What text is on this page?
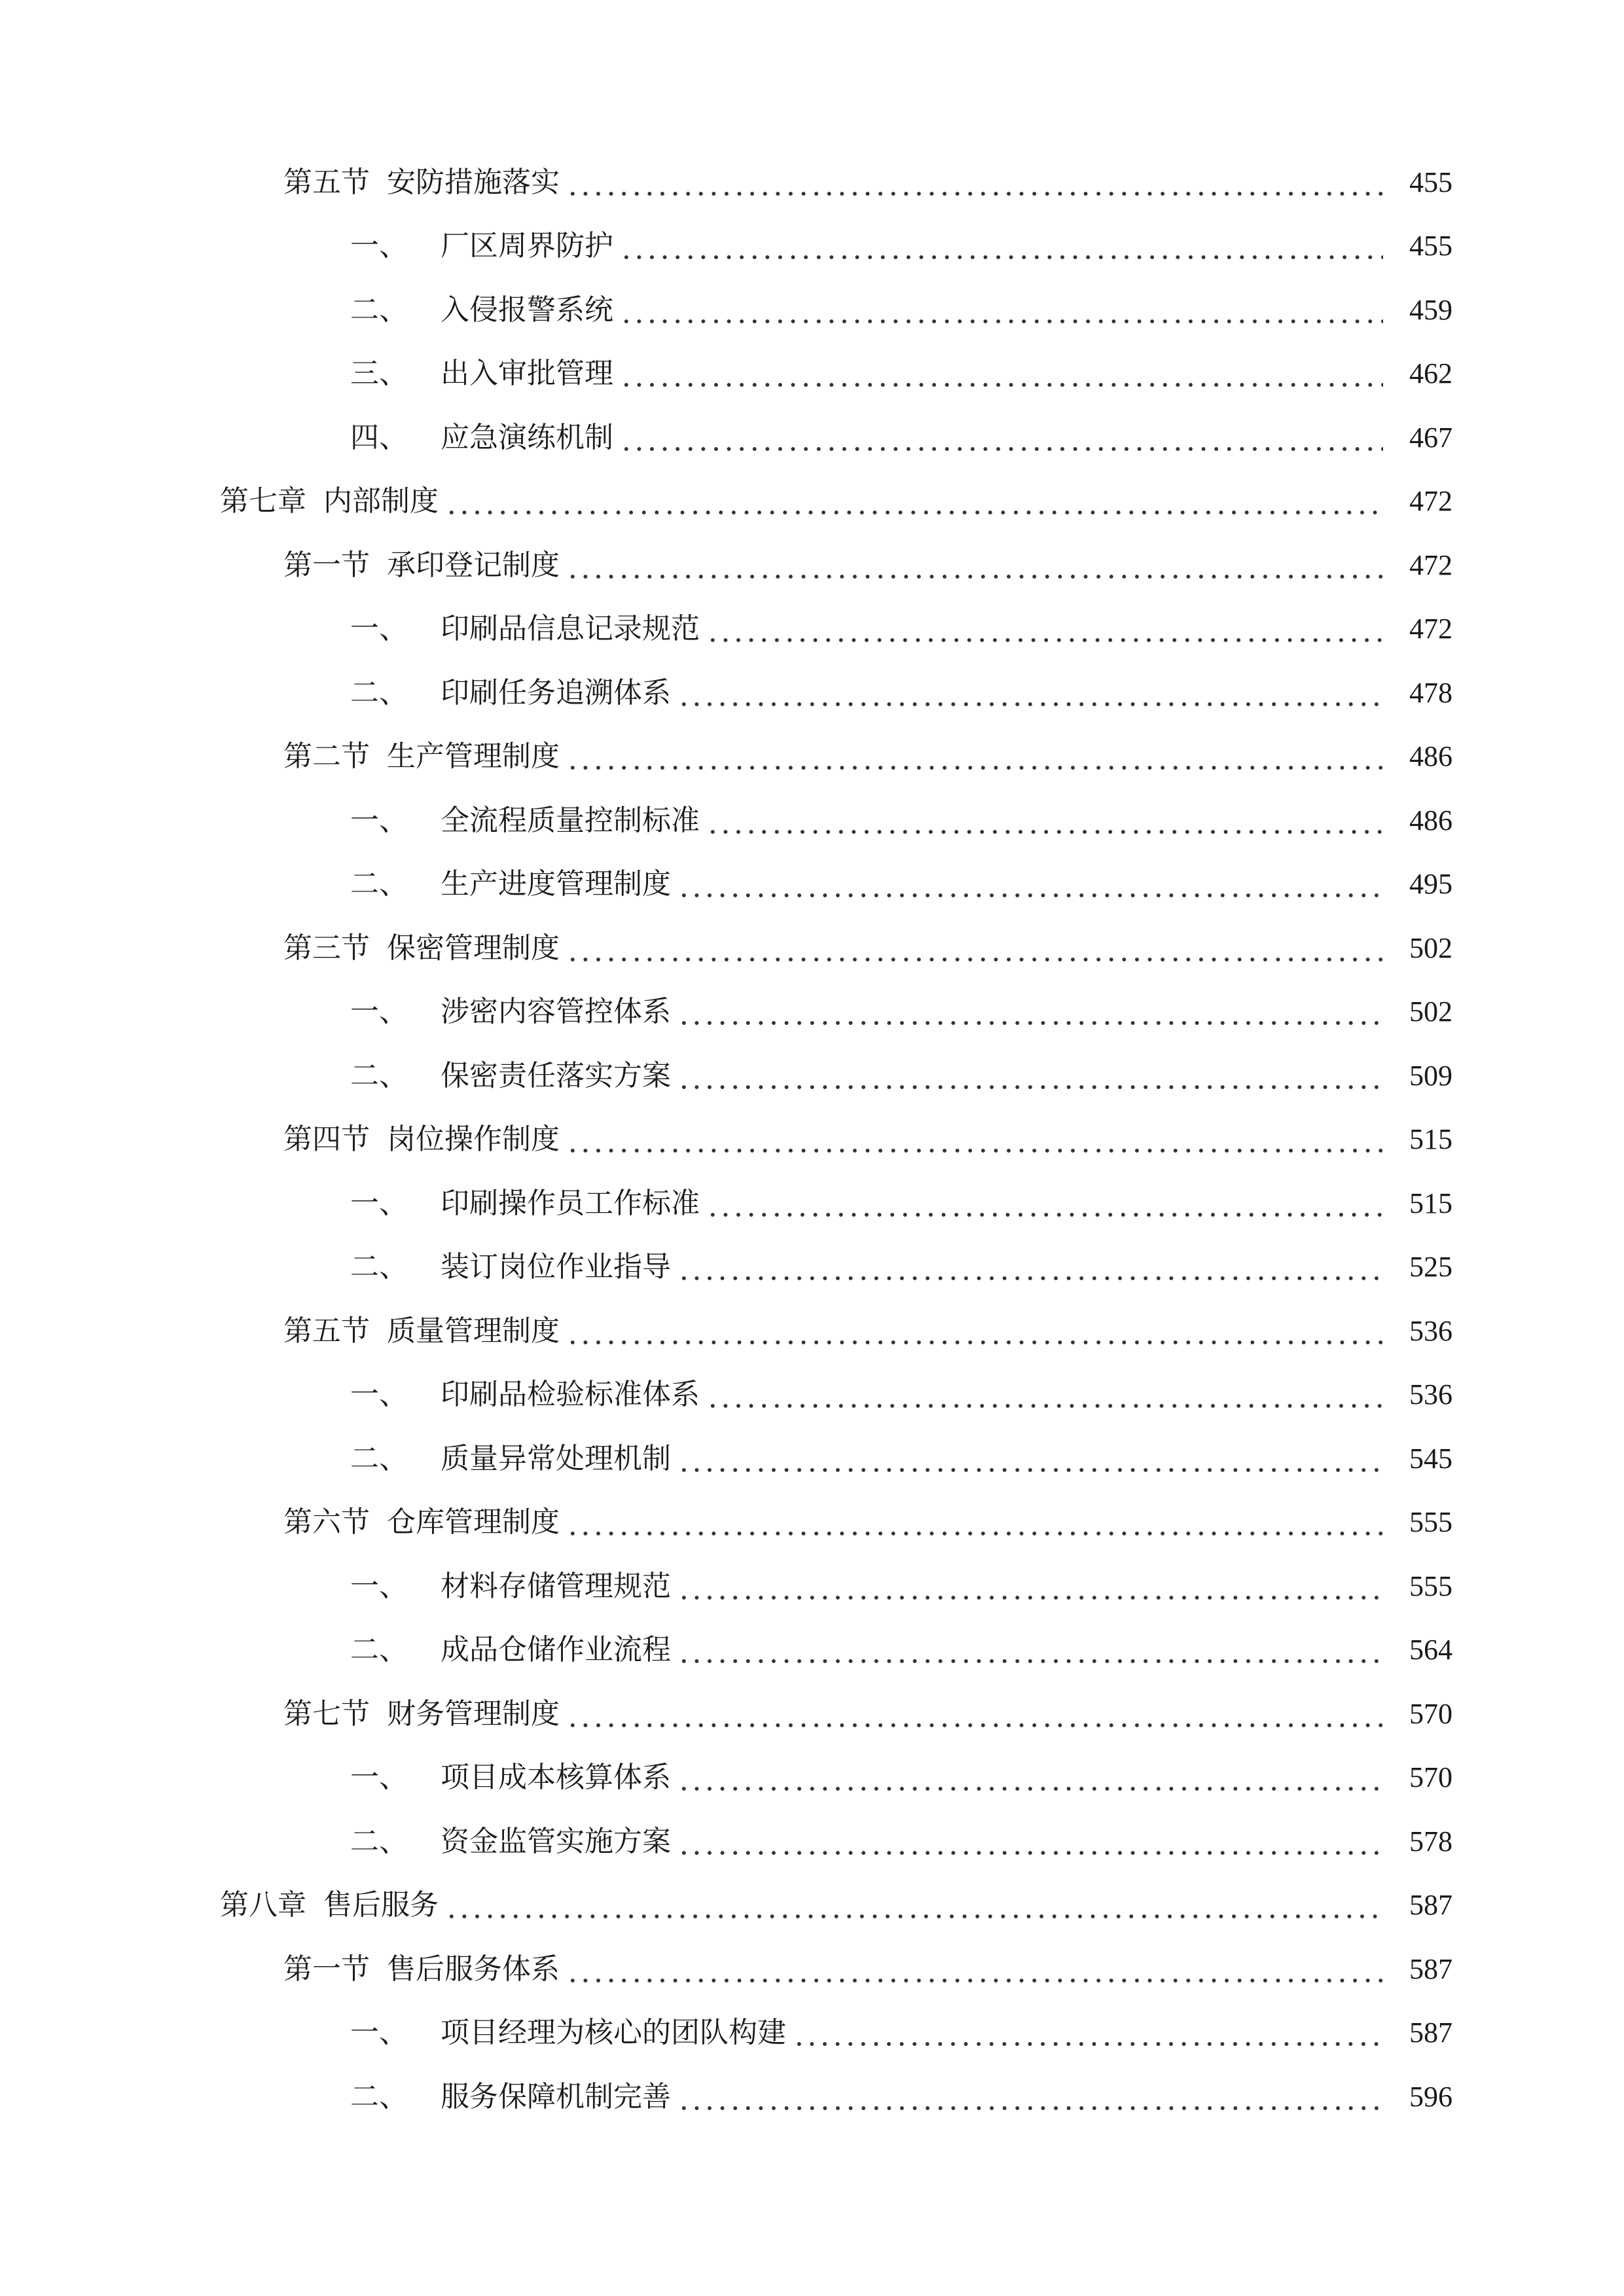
第五节 安防措施落实	455
一、 厂区周界防护	455
二、 入侵报警系统	459
三、 出入审批管理	462
四、 应急演练机制	467
第七章 内部制度	472
第一节 承印登记制度	472
一、 印刷品信息记录规范	472
二、 印刷任务追溯体系	478
第二节 生产管理制度	486
一、 全流程质量控制标准	486
二、 生产进度管理制度	495
第三节 保密管理制度	502
一、 涉密内容管控体系	502
二、 保密责任落实方案	509
第四节 岗位操作制度	515
一、 印刷操作员工作标准	515
二、 装订岗位作业指导	525
第五节 质量管理制度	536
一、 印刷品检验标准体系	536
二、 质量异常处理机制	545
第六节 仓库管理制度	555
一、 材料存储管理规范	555
二、 成品仓储作业流程	564
第七节 财务管理制度	570
一、 项目成本核算体系	570
二、 资金监管实施方案	578
第八章 售后服务	587
第一节 售后服务体系	587
一、 项目经理为核心的团队构建	587
二、 服务保障机制完善	596
